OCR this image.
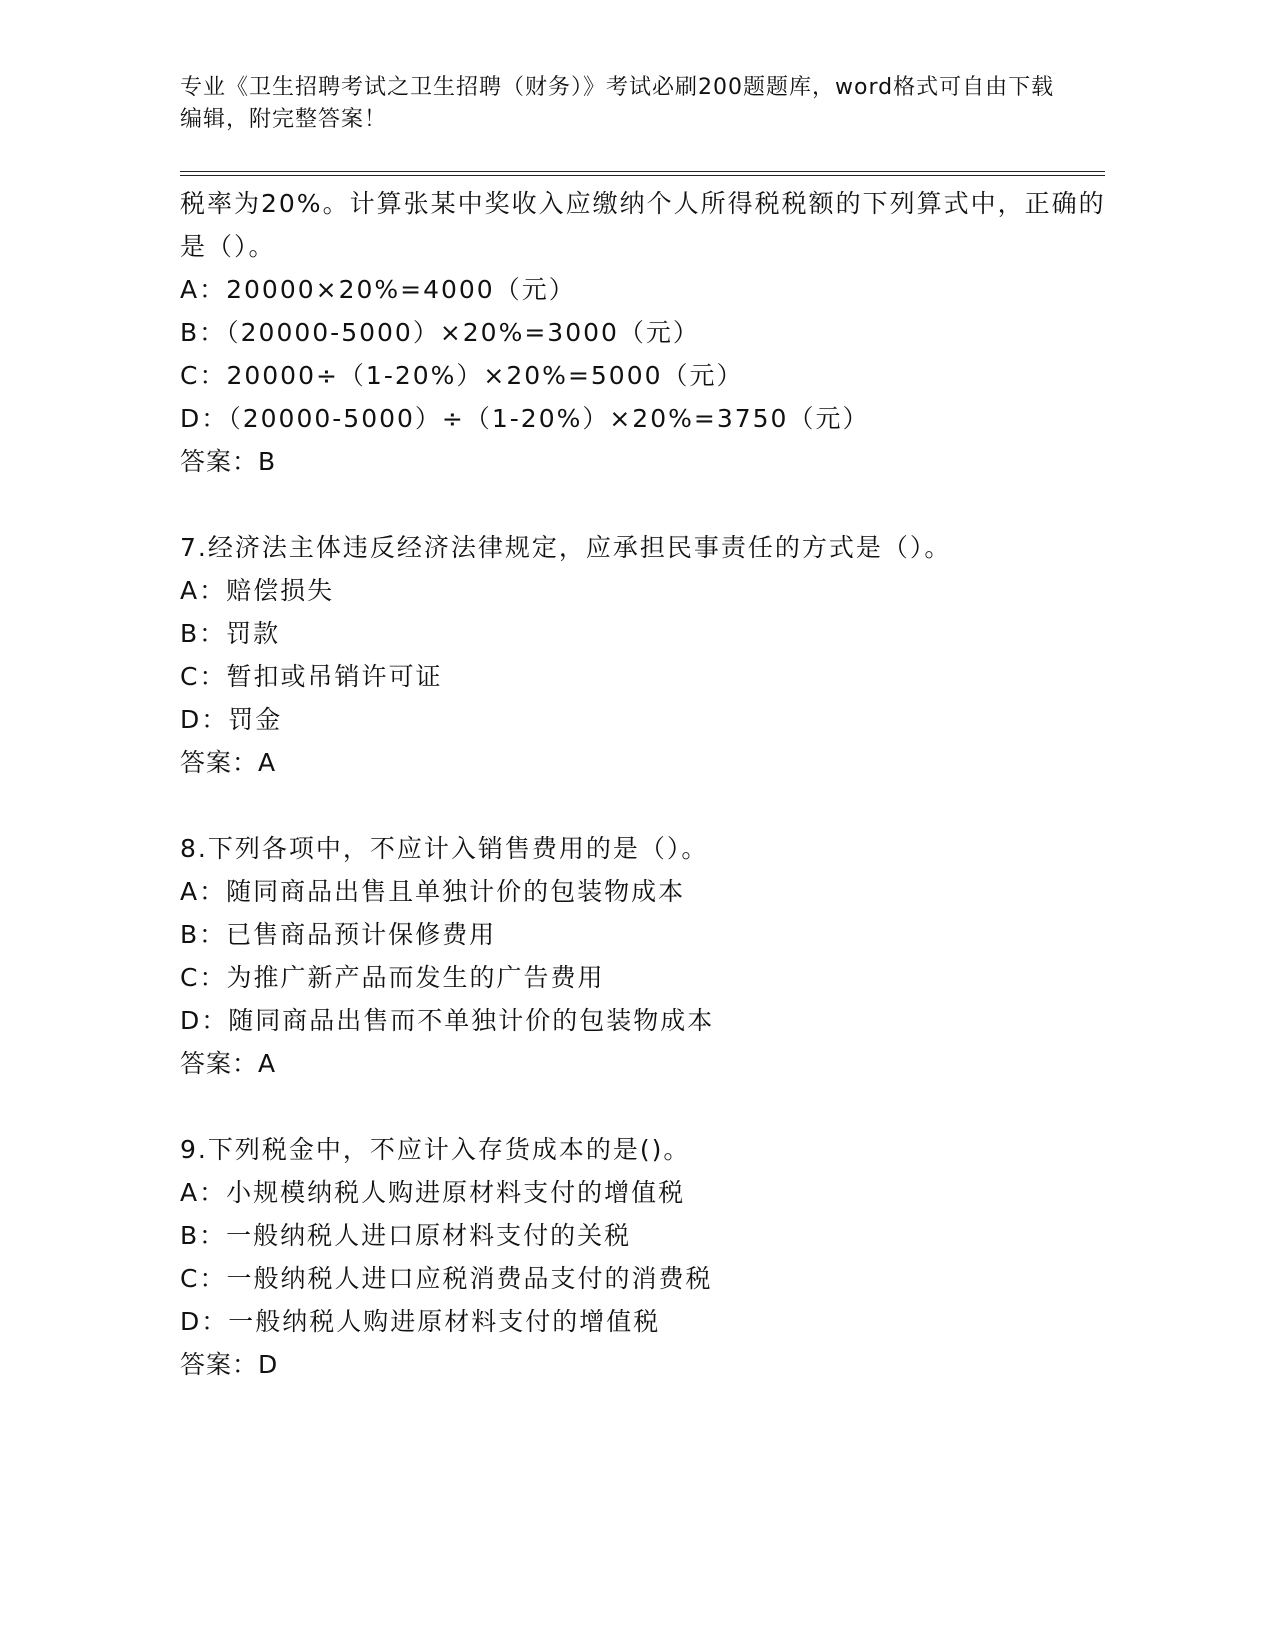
专业《卫生招聘考试之卫生招聘（财务）》考试必刷200题题库，word格式可自由下载编辑，附完整答案！
税率为20%。计算张某中奖收入应缴纳个人所得税税额的下列算式中，正确的是（）。
A：20000×20%=4000（元）
B：（20000-5000）×20%=3000（元）
C：20000÷（1-20%）×20%=5000（元）
D：（20000-5000）÷（1-20%）×20%=3750（元）
答案：B
7.经济法主体违反经济法律规定，应承担民事责任的方式是（）。
A：赔偿损失
B：罚款
C：暂扣或吊销许可证
D：罚金
答案：A
8.下列各项中，不应计入销售费用的是（）。
A：随同商品出售且单独计价的包装物成本
B：已售商品预计保修费用
C：为推广新产品而发生的广告费用
D：随同商品出售而不单独计价的包装物成本
答案：A
9.下列税金中，不应计入存货成本的是()。
A：小规模纳税人购进原材料支付的增值税
B：一般纳税人进口原材料支付的关税
C：一般纳税人进口应税消费品支付的消费税
D：一般纳税人购进原材料支付的增值税
答案：D
